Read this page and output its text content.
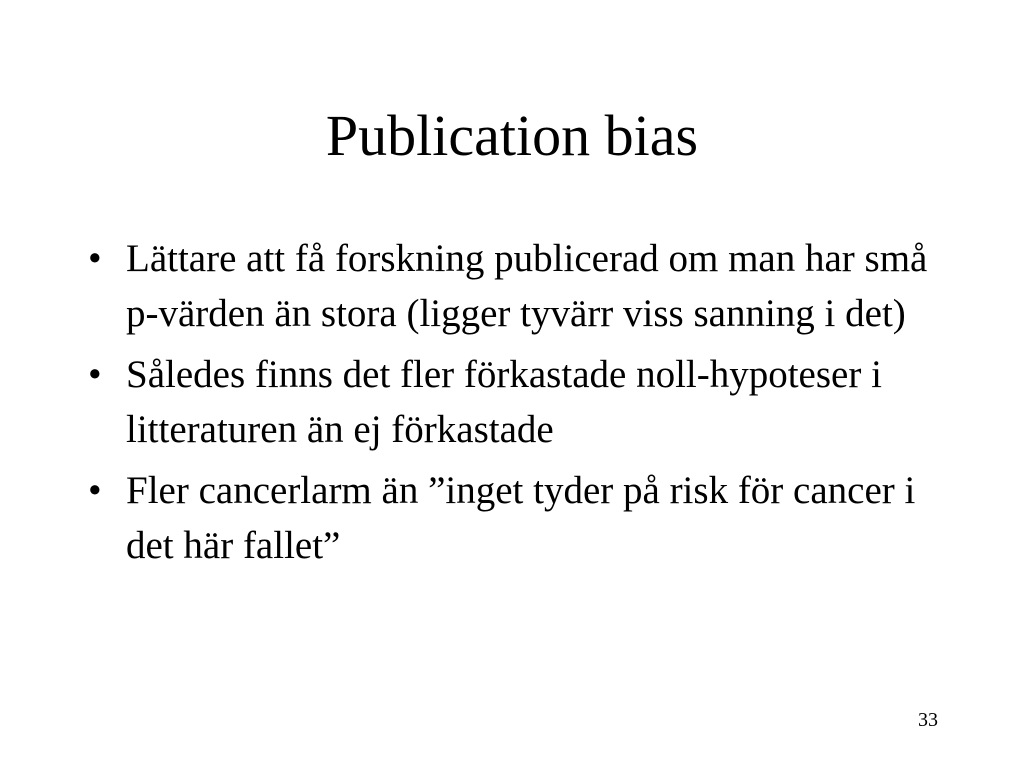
Publication bias
• Lättare att få forskning publicerad om man har små p-värden än stora (ligger tyvärr viss sanning i det)
• Således finns det fler förkastade noll-hypoteser i litteraturen än ej förkastade
• Fler cancerlarm än ”inget tyder på risk för cancer i det här fallet”
33
